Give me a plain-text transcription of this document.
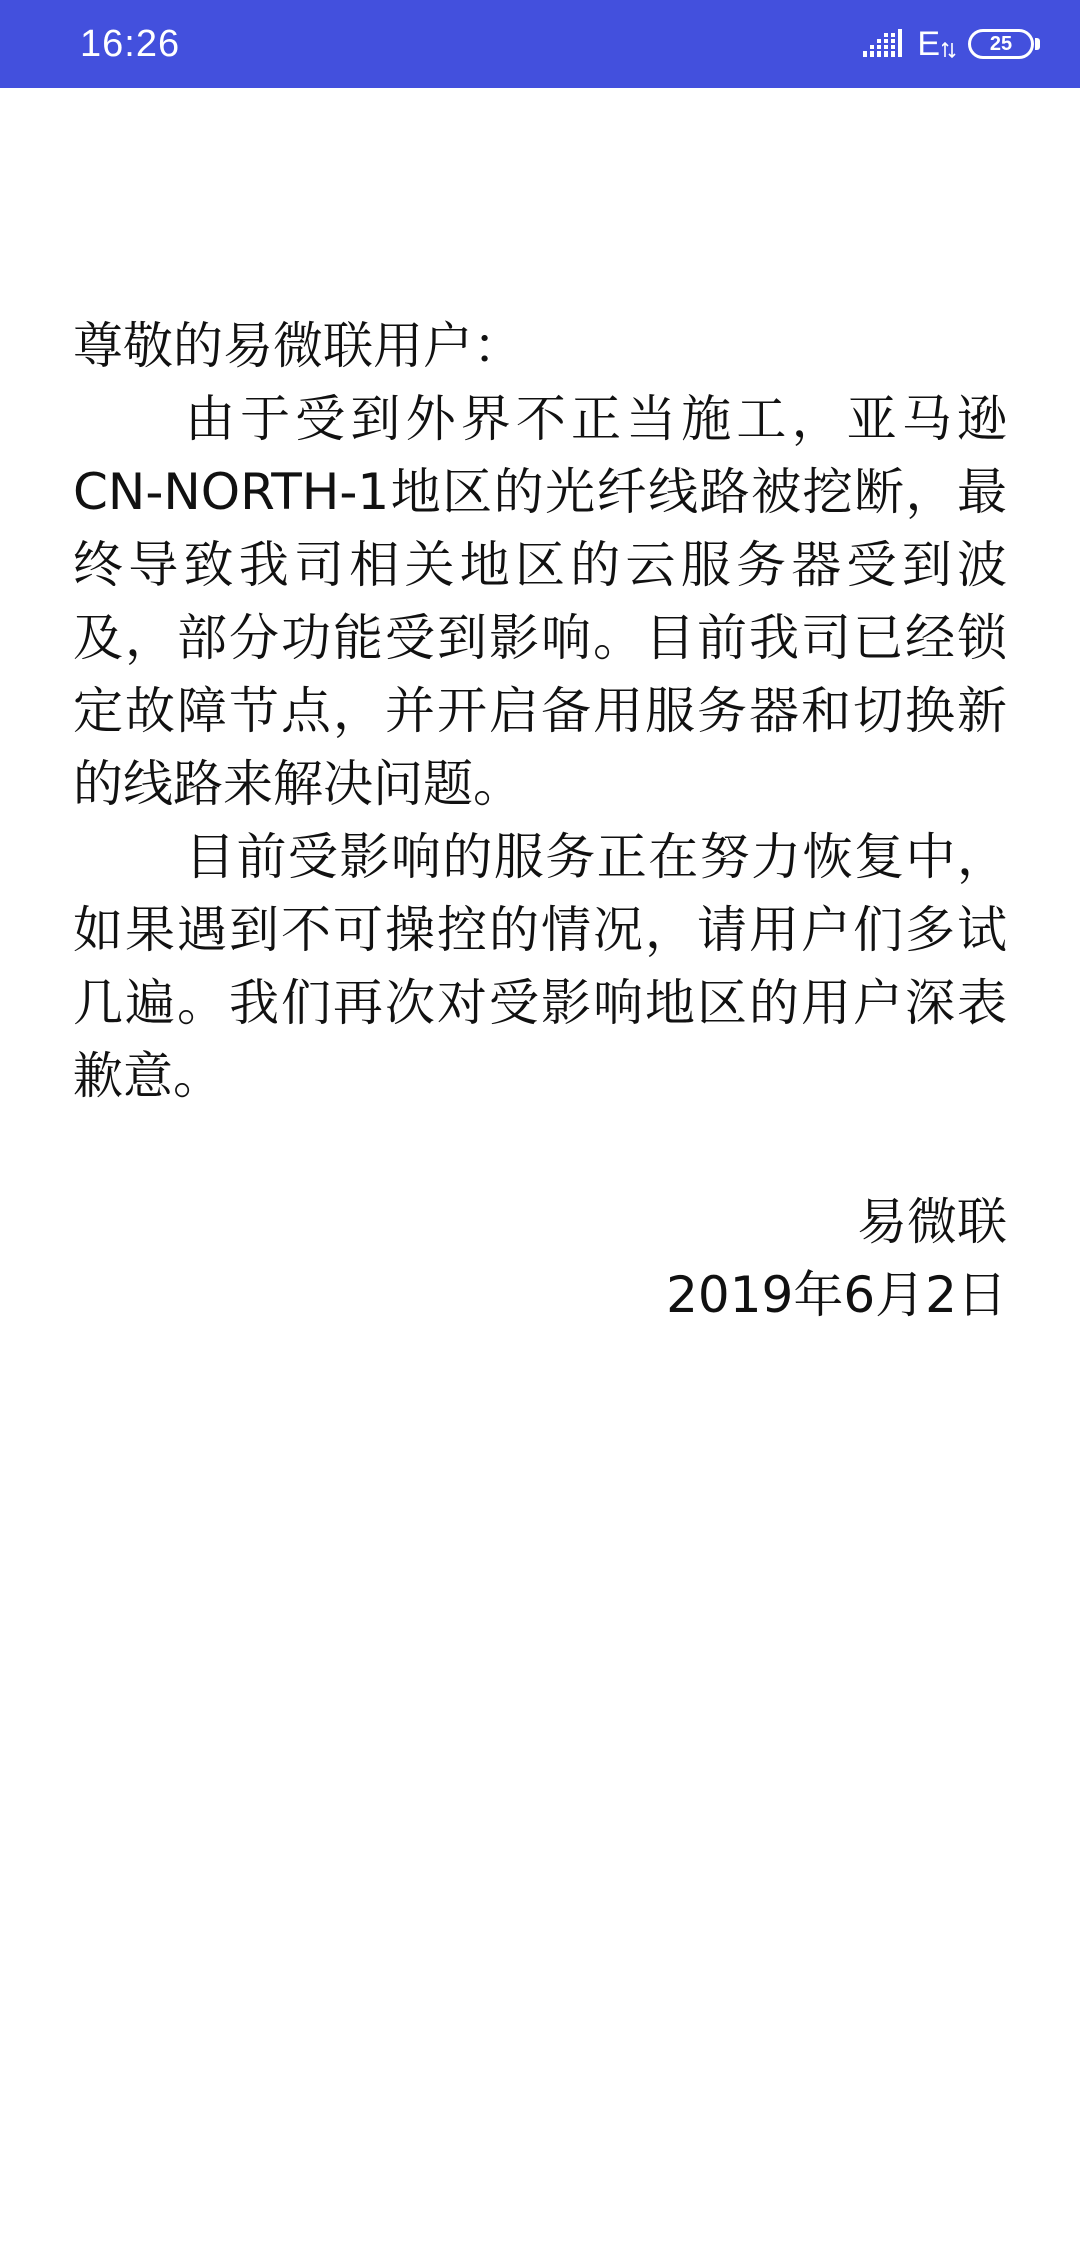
16:26	E 25

尊敬的易微联用户：

由于受到外界不正当施工，亚马逊CN-NORTH-1地区的光纤线路被挖断，最终导致我司相关地区的云服务器受到波及，部分功能受到影响。目前我司已经锁定故障节点，并开启备用服务器和切换新的线路来解决问题。

目前受影响的服务正在努力恢复中，如果遇到不可操控的情况，请用户们多试几遍。我们再次对受影响地区的用户深表歉意。

易微联
2019年6月2日
